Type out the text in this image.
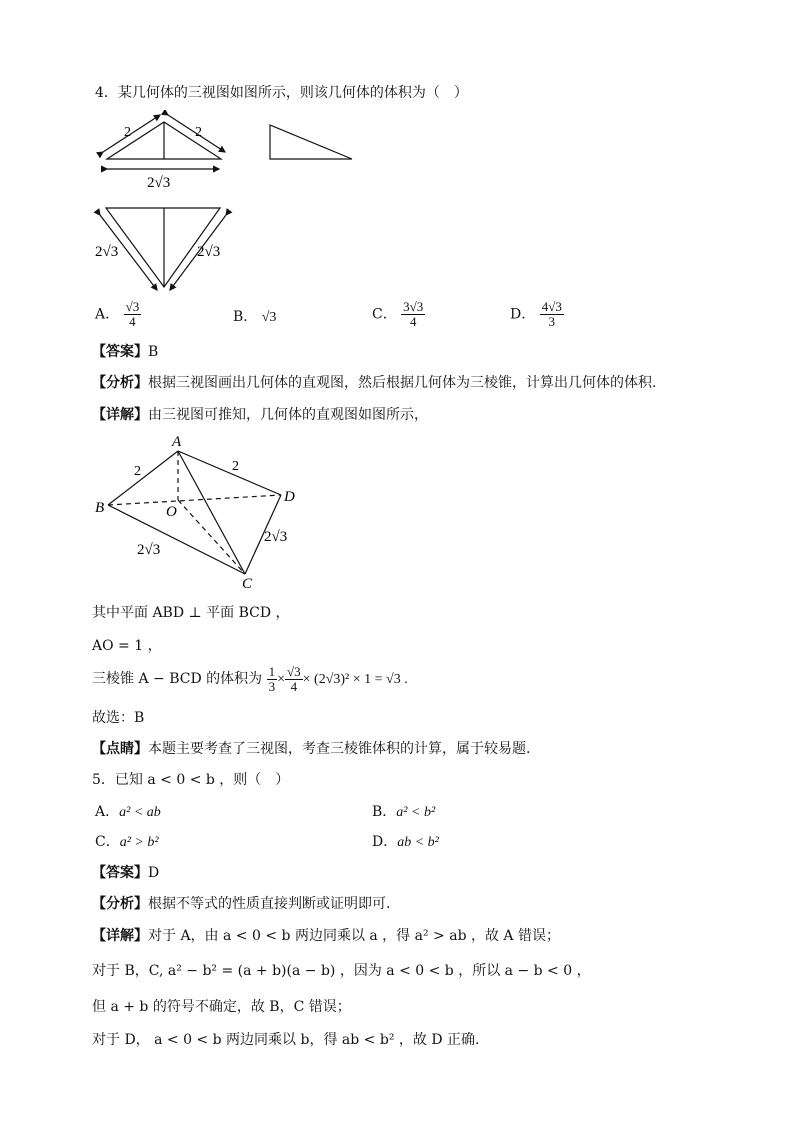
4．某几何体的三视图如图所示，则该几何体的体积为（　）
2	2
2√3
2√3	2√3
A． $\frac{√3}{4}$	B． √3	C． $\frac{3√3}{4}$	D． $\frac{4√3}{3}$
【答案】B
【分析】根据三视图画出几何体的直观图，然后根据几何体为三棱锥，计算出几何体的体积.
【详解】由三视图可推知，几何体的直观图如图所示，
A
B
C
D
O
2	2
2√3
2√3
其中平面 ABD ⊥ 平面 BCD ，
AO = 1 ，
三棱锥 A − BCD 的体积为 $\frac{1}{3} \times \frac{√3}{4} \times (2√3)^2 \times 1 = √3$ .
故选：B
【点睛】本题主要考查了三视图，考查三棱锥体积的计算，属于较易题.
5．已知 a < 0 < b ，则（　）
A．a² < ab	B．a² < b²
C．a² > b²	D．ab < b²
【答案】D
【分析】根据不等式的性质直接判断或证明即可.
【详解】对于 A，由 a < 0 < b 两边同乘以 a ，得 a² > ab ，故 A 错误；
对于 B，C, a² − b² = (a + b)(a − b) ，因为 a < 0 < b ，所以 a − b < 0 ，
但 a + b 的符号不确定，故 B，C 错误；
对于 D， a < 0 < b 两边同乘以 b，得 ab < b² ，故 D 正确.
